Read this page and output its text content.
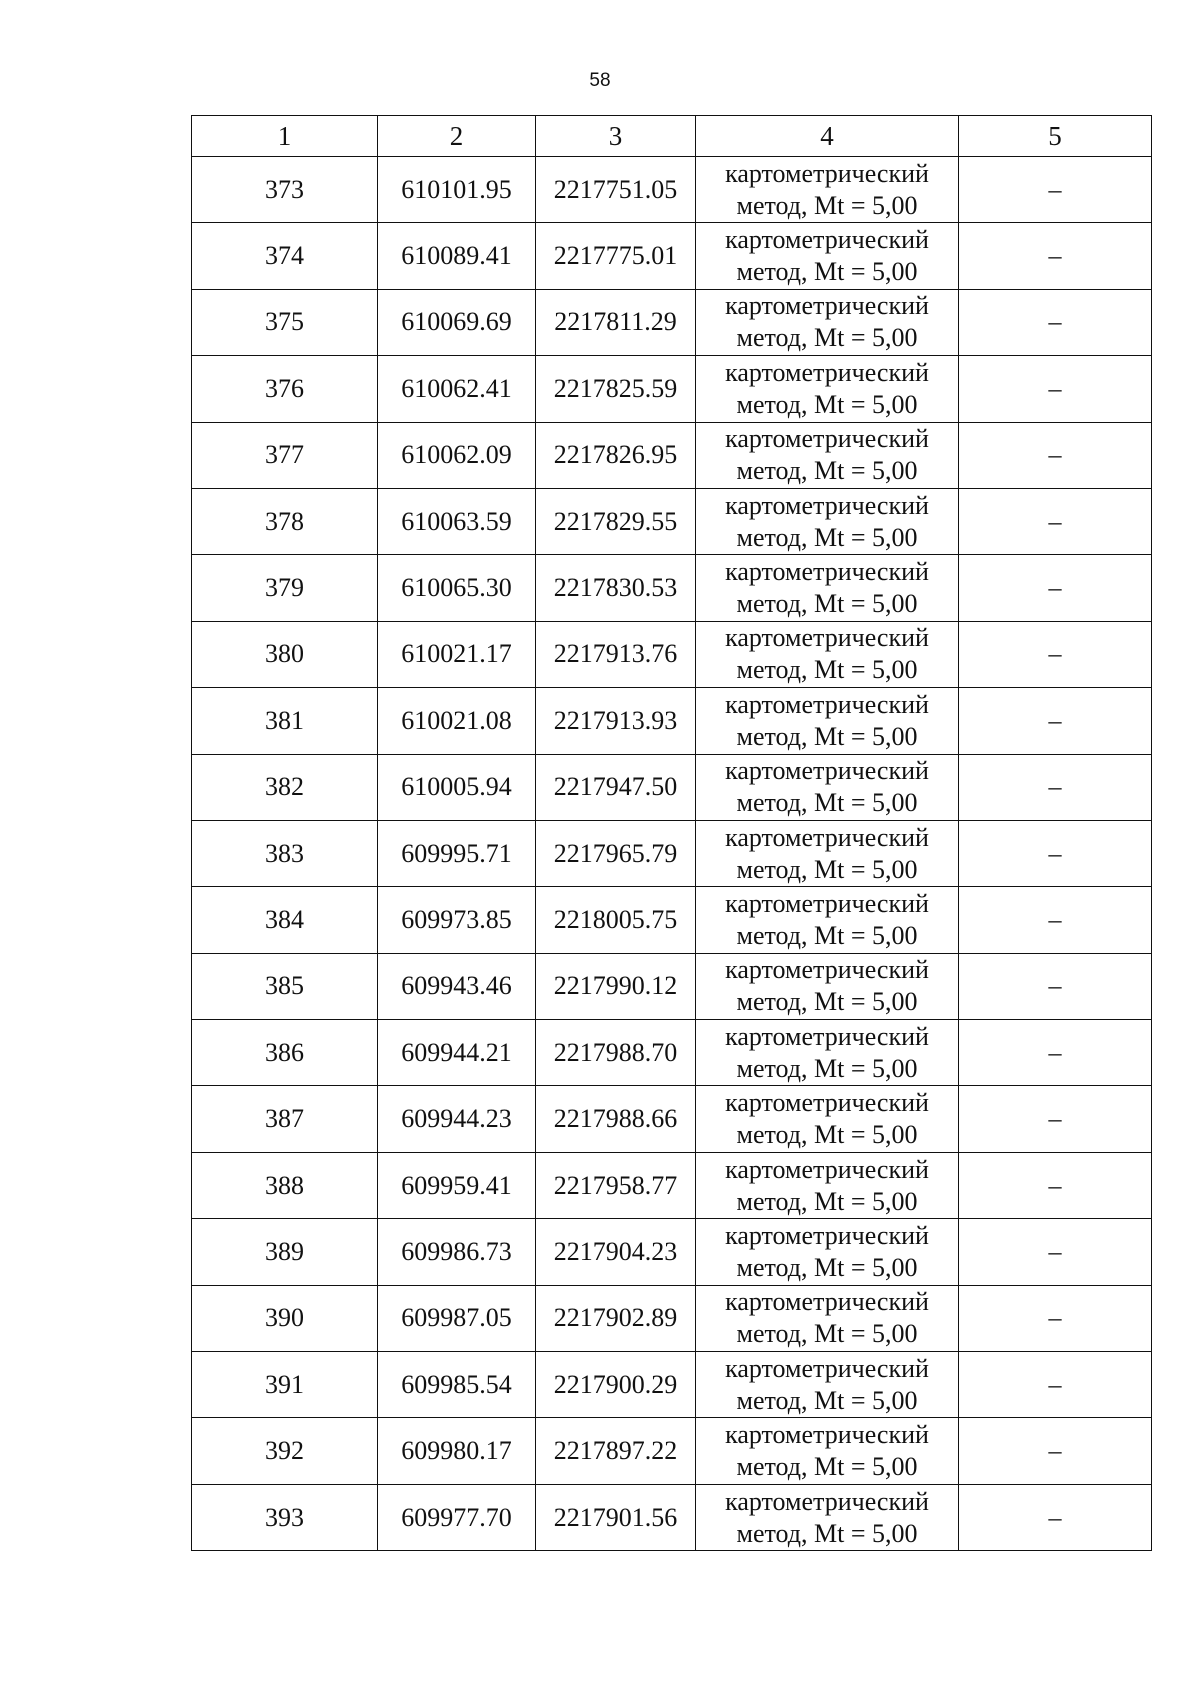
58
1	2	3	4	5
373	610101.95	2217751.05	картометрический
метод, Mt = 5,00	–
374	610089.41	2217775.01	картометрический
метод, Mt = 5,00	–
375	610069.69	2217811.29	картометрический
метод, Mt = 5,00	–
376	610062.41	2217825.59	картометрический
метод, Mt = 5,00	–
377	610062.09	2217826.95	картометрический
метод, Mt = 5,00	–
378	610063.59	2217829.55	картометрический
метод, Mt = 5,00	–
379	610065.30	2217830.53	картометрический
метод, Mt = 5,00	–
380	610021.17	2217913.76	картометрический
метод, Mt = 5,00	–
381	610021.08	2217913.93	картометрический
метод, Mt = 5,00	–
382	610005.94	2217947.50	картометрический
метод, Mt = 5,00	–
383	609995.71	2217965.79	картометрический
метод, Mt = 5,00	–
384	609973.85	2218005.75	картометрический
метод, Mt = 5,00	–
385	609943.46	2217990.12	картометрический
метод, Mt = 5,00	–
386	609944.21	2217988.70	картометрический
метод, Mt = 5,00	–
387	609944.23	2217988.66	картометрический
метод, Mt = 5,00	–
388	609959.41	2217958.77	картометрический
метод, Mt = 5,00	–
389	609986.73	2217904.23	картометрический
метод, Mt = 5,00	–
390	609987.05	2217902.89	картометрический
метод, Mt = 5,00	–
391	609985.54	2217900.29	картометрический
метод, Mt = 5,00	–
392	609980.17	2217897.22	картометрический
метод, Mt = 5,00	–
393	609977.70	2217901.56	картометрический
метод, Mt = 5,00	–
